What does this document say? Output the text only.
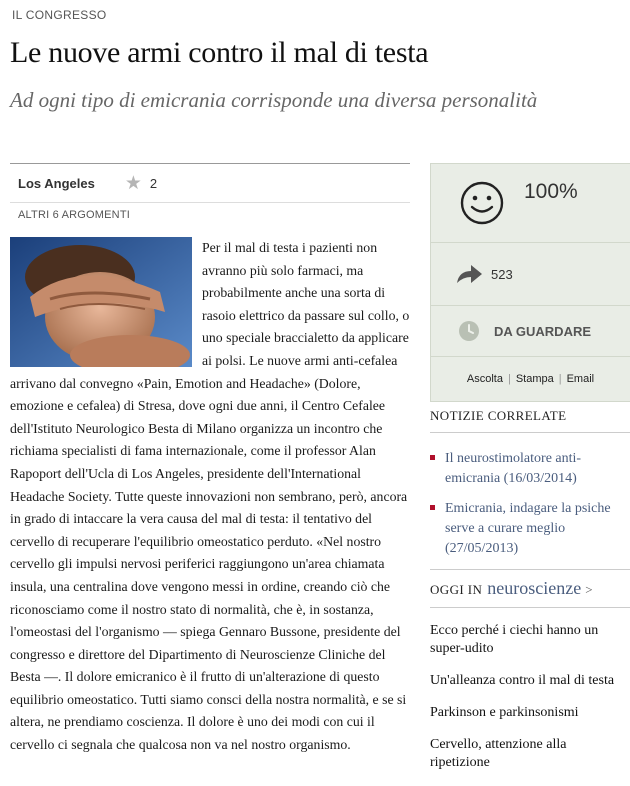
IL CONGRESSO
Le nuove armi contro il mal di testa
Ad ogni tipo di emicrania corrisponde una diversa personalità
Los Angeles ★ 2
ALTRI 6 ARGOMENTI
Per il mal di testa i pazienti non avranno più solo farmaci, ma probabilmente anche una sorta di rasoio elettrico da passare sul collo, o uno speciale braccialetto da applicare ai polsi. Le nuove armi anti-cefalea arrivano dal convegno «Pain, Emotion and Headache» (Dolore, emozione e cefalea) di Stresa, dove ogni due anni, il Centro Cefalee dell'Istituto Neurologico Besta di Milano organizza un incontro che richiama specialisti di fama internazionale, come il professor Alan Rapoport dell'Ucla di Los Angeles, presidente dell'International Headache Society. Tutte queste innovazioni non sembrano, però, ancora in grado di intaccare la vera causa del mal di testa: il tentativo del cervello di recuperare l'equilibrio omeostatico perduto. «Nel nostro cervello gli impulsi nervosi periferici raggiungono un'area chiamata insula, una centralina dove vengono messi in ordine, creando ciò che riconosciamo come il nostro stato di normalità, che è, in sostanza, l'omeostasi del l'organismo — spiega Gennaro Bussone, presidente del congresso e direttore del Dipartimento di Neuroscienze Cliniche del Besta —. Il dolore emicranico è il frutto di un'alterazione di questo equilibrio omeostatico. Tutti siamo consci della nostra normalità, e se si altera, ne prendiamo coscienza. Il dolore è uno dei modi con cui il cervello ci segnala che qualcosa non va nel nostro organismo.
100%
523
DA GUARDARE
Ascolta | Stampa | Email
NOTIZIE CORRELATE
Il neurostimolatore anti-emicrania (16/03/2014)
Emicrania, indagare la psiche serve a curare meglio (27/05/2013)
OGGI IN neuroscienze >
Ecco perché i ciechi hanno un super-udito
Un'alleanza contro il mal di testa
Parkinson e parkinsonismi
Cervello, attenzione alla ripetizione
